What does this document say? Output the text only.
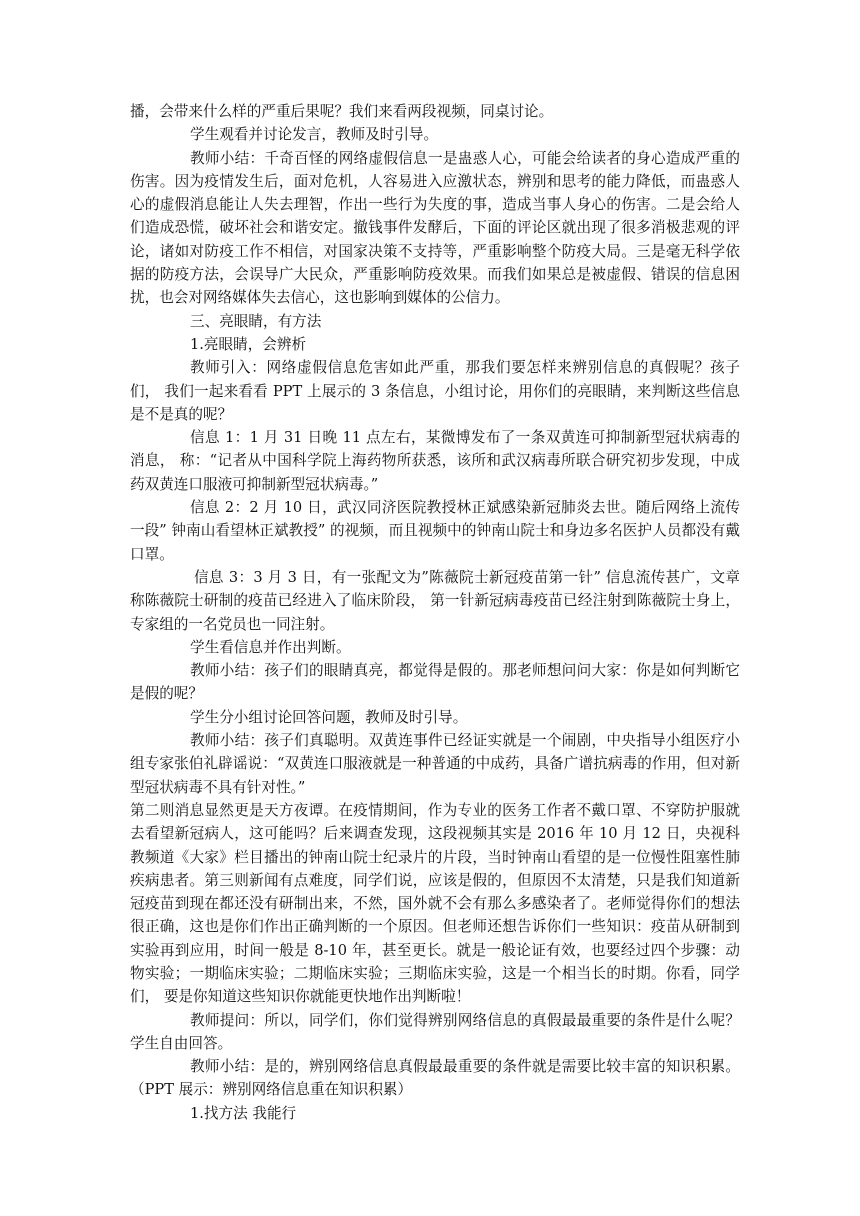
播，会带来什么样的严重后果呢？我们来看两段视频，同桌讨论。

学生观看并讨论发言，教师及时引导。

教师小结：千奇百怪的网络虚假信息一是蛊惑人心，可能会给读者的身心造成严重的伤害。因为疫情发生后，面对危机，人容易进入应激状态，辨别和思考的能力降低，而蛊惑人心的虚假消息能让人失去理智，作出一些行为失度的事，造成当事人身心的伤害。二是会给人们造成恐慌，破坏社会和谐安定。撤钱事件发酵后，下面的评论区就出现了很多消极悲观的评论，诸如对防疫工作不相信，对国家决策不支持等，严重影响整个防疫大局。三是毫无科学依据的防疫方法，会误导广大民众，严重影响防疫效果。而我们如果总是被虚假、错误的信息困扰，也会对网络媒体失去信心，这也影响到媒体的公信力。

三、亮眼睛，有方法

1.亮眼睛，会辨析

教师引入：网络虚假信息危害如此严重，那我们要怎样来辨别信息的真假呢？孩子们， 我们一起来看看 PPT 上展示的 3 条信息，小组讨论，用你们的亮眼睛，来判断这些信息是不是真的呢？

信息 1：1 月 31 日晚 11 点左右，某微博发布了一条双黄连可抑制新型冠状病毒的消息， 称：“记者从中国科学院上海药物所获悉，该所和武汉病毒所联合研究初步发现，中成药双黄连口服液可抑制新型冠状病毒。”

信息 2：2 月 10 日，武汉同济医院教授林正斌感染新冠肺炎去世。随后网络上流传一段” 钟南山看望林正斌教授” 的视频，而且视频中的钟南山院士和身边多名医护人员都没有戴口罩。

信息 3：3 月 3 日，有一张配文为”陈薇院士新冠疫苗第一针” 信息流传甚广，文章称陈薇院士研制的疫苗已经进入了临床阶段， 第一针新冠病毒疫苗已经注射到陈薇院士身上， 专家组的一名党员也一同注射。

学生看信息并作出判断。

教师小结：孩子们的眼睛真亮，都觉得是假的。那老师想问问大家：你是如何判断它是假的呢？

学生分小组讨论回答问题，教师及时引导。

教师小结：孩子们真聪明。双黄连事件已经证实就是一个闹剧，中央指导小组医疗小组专家张伯礼辟谣说：“双黄连口服液就是一种普通的中成药，具备广谱抗病毒的作用，但对新型冠状病毒不具有针对性。”

第二则消息显然更是天方夜谭。在疫情期间，作为专业的医务工作者不戴口罩、不穿防护服就去看望新冠病人，这可能吗？后来调查发现，这段视频其实是 2016 年 10 月 12 日，央视科教频道《大家》栏目播出的钟南山院士纪录片的片段，当时钟南山看望的是一位慢性阻塞性肺疾病患者。第三则新闻有点难度，同学们说，应该是假的，但原因不太清楚，只是我们知道新冠疫苗到现在都还没有研制出来，不然，国外就不会有那么多感染者了。老师觉得你们的想法很正确，这也是你们作出正确判断的一个原因。但老师还想告诉你们一些知识：疫苗从研制到实验再到应用，时间一般是 8-10 年，甚至更长。就是一般论证有效，也要经过四个步骤：动物实验；一期临床实验；二期临床实验；三期临床实验，这是一个相当长的时期。你看，同学们， 要是你知道这些知识你就能更快地作出判断啦！

教师提问：所以，同学们，你们觉得辨别网络信息的真假最最重要的条件是什么呢？学生自由回答。

教师小结：是的，辨别网络信息真假最最重要的条件就是需要比较丰富的知识积累。（PPT 展示：辨别网络信息重在知识积累）

1.找方法 我能行
